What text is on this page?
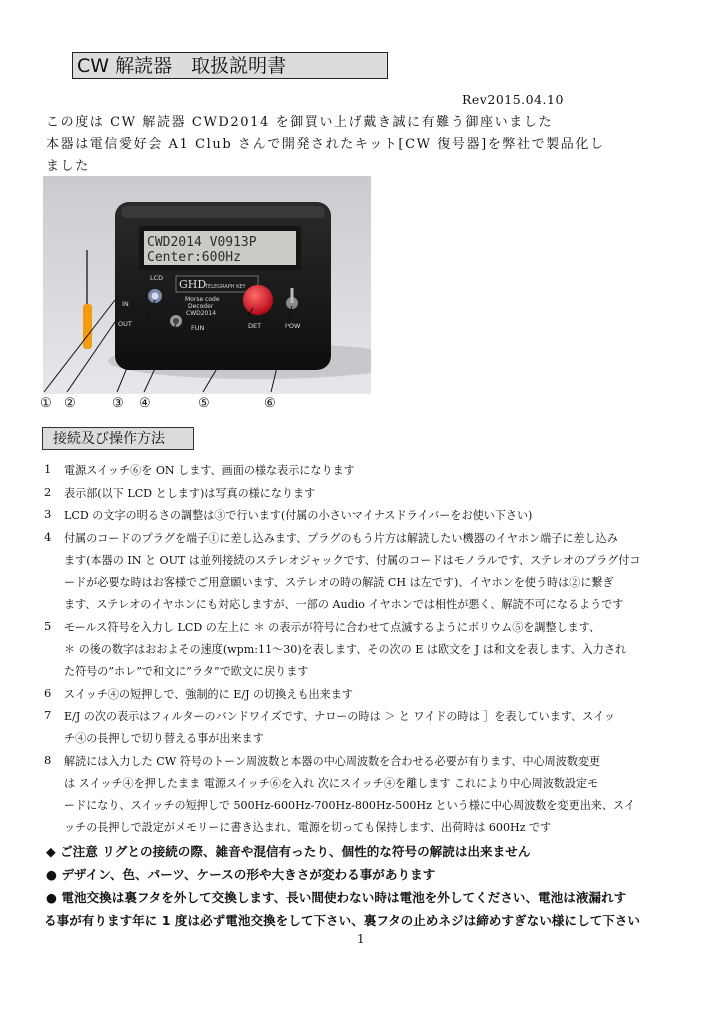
CW 解読器　取扱説明書
Rev2015.04.10
この度は CW 解読器 CWD2014 を御買い上げ戴き誠に有難う御座いました
本器は電信愛好会 A1 Club さんで開発されたキット[CW 復号器]を弊社で製品化し
ました
CWD2014 V0913P
Center:600Hz
GHD
TELEGRAPH KEY
Morse code
Decoder
CWD2014
LCD
IN
OUT	FUN	DET	POW
① ②	③ ④	⑤	⑥
接続及び操作方法
1 電源スイッチ⑥を ON します、画面の様な表示になります
2 表示部(以下 LCD とします)は写真の様になります
3 LCD の文字の明るさの調整は③で行います(付属の小さいマイナスドライバーをお使い下さい)
4 付属のコードのプラグを端子①に差し込みます、プラグのもう片方は解読したい機器のイヤホン端子に差し込み
ます(本器の IN と OUT は並列接続のステレオジャックです、付属のコードはモノラルです、ステレオのプラグ付コ
ードが必要な時はお客様でご用意願います、ステレオの時の解読 CH は左です)、イヤホンを使う時は②に繋ぎ
ます、ステレオのイヤホンにも対応しますが、一部の Audio イヤホンでは相性が悪く、解読不可になるようです
5 モールス符号を入力し LCD の左上に ＊ の表示が符号に合わせて点滅するようにボリウム⑤を調整します、
＊ の後の数字はおおよその速度(wpm:11～30)を表します、その次の E は欧文を J は和文を表します、入力され
た符号の”ホレ”で和文に”ラタ”で欧文に戻ります
6 スイッチ④の短押しで、強制的に E/J の切換えも出来ます
7 E/J の次の表示はフィルターのバンドワイズです、ナローの時は ＞ と ワイドの時は ］を表しています、スイッ
チ④の長押しで切り替える事が出来ます
8 解読には入力した CW 符号のトーン周波数と本器の中心周波数を合わせる必要が有ります、中心周波数変更
は スイッチ④を押したまま 電源スイッチ⑥を入れ 次にスイッチ④を離します これにより中心周波数設定モ
ードになり、スイッチの短押しで 500Hz-600Hz-700Hz-800Hz-500Hz という様に中心周波数を変更出来、スイ
ッチの長押しで設定がメモリーに書き込まれ、電源を切っても保持します、出荷時は 600Hz です
◆ ご注意 リグとの接続の際、雑音や混信有ったり、個性的な符号の解読は出来ません
● デザイン、色、パーツ、ケースの形や大きさが変わる事があります
● 電池交換は裏フタを外して交換します、長い間使わない時は電池を外してください、電池は液漏れす
る事が有ります年に 1 度は必ず電池交換をして下さい、裏フタの止めネジは締めすぎない様にして下さい
1
